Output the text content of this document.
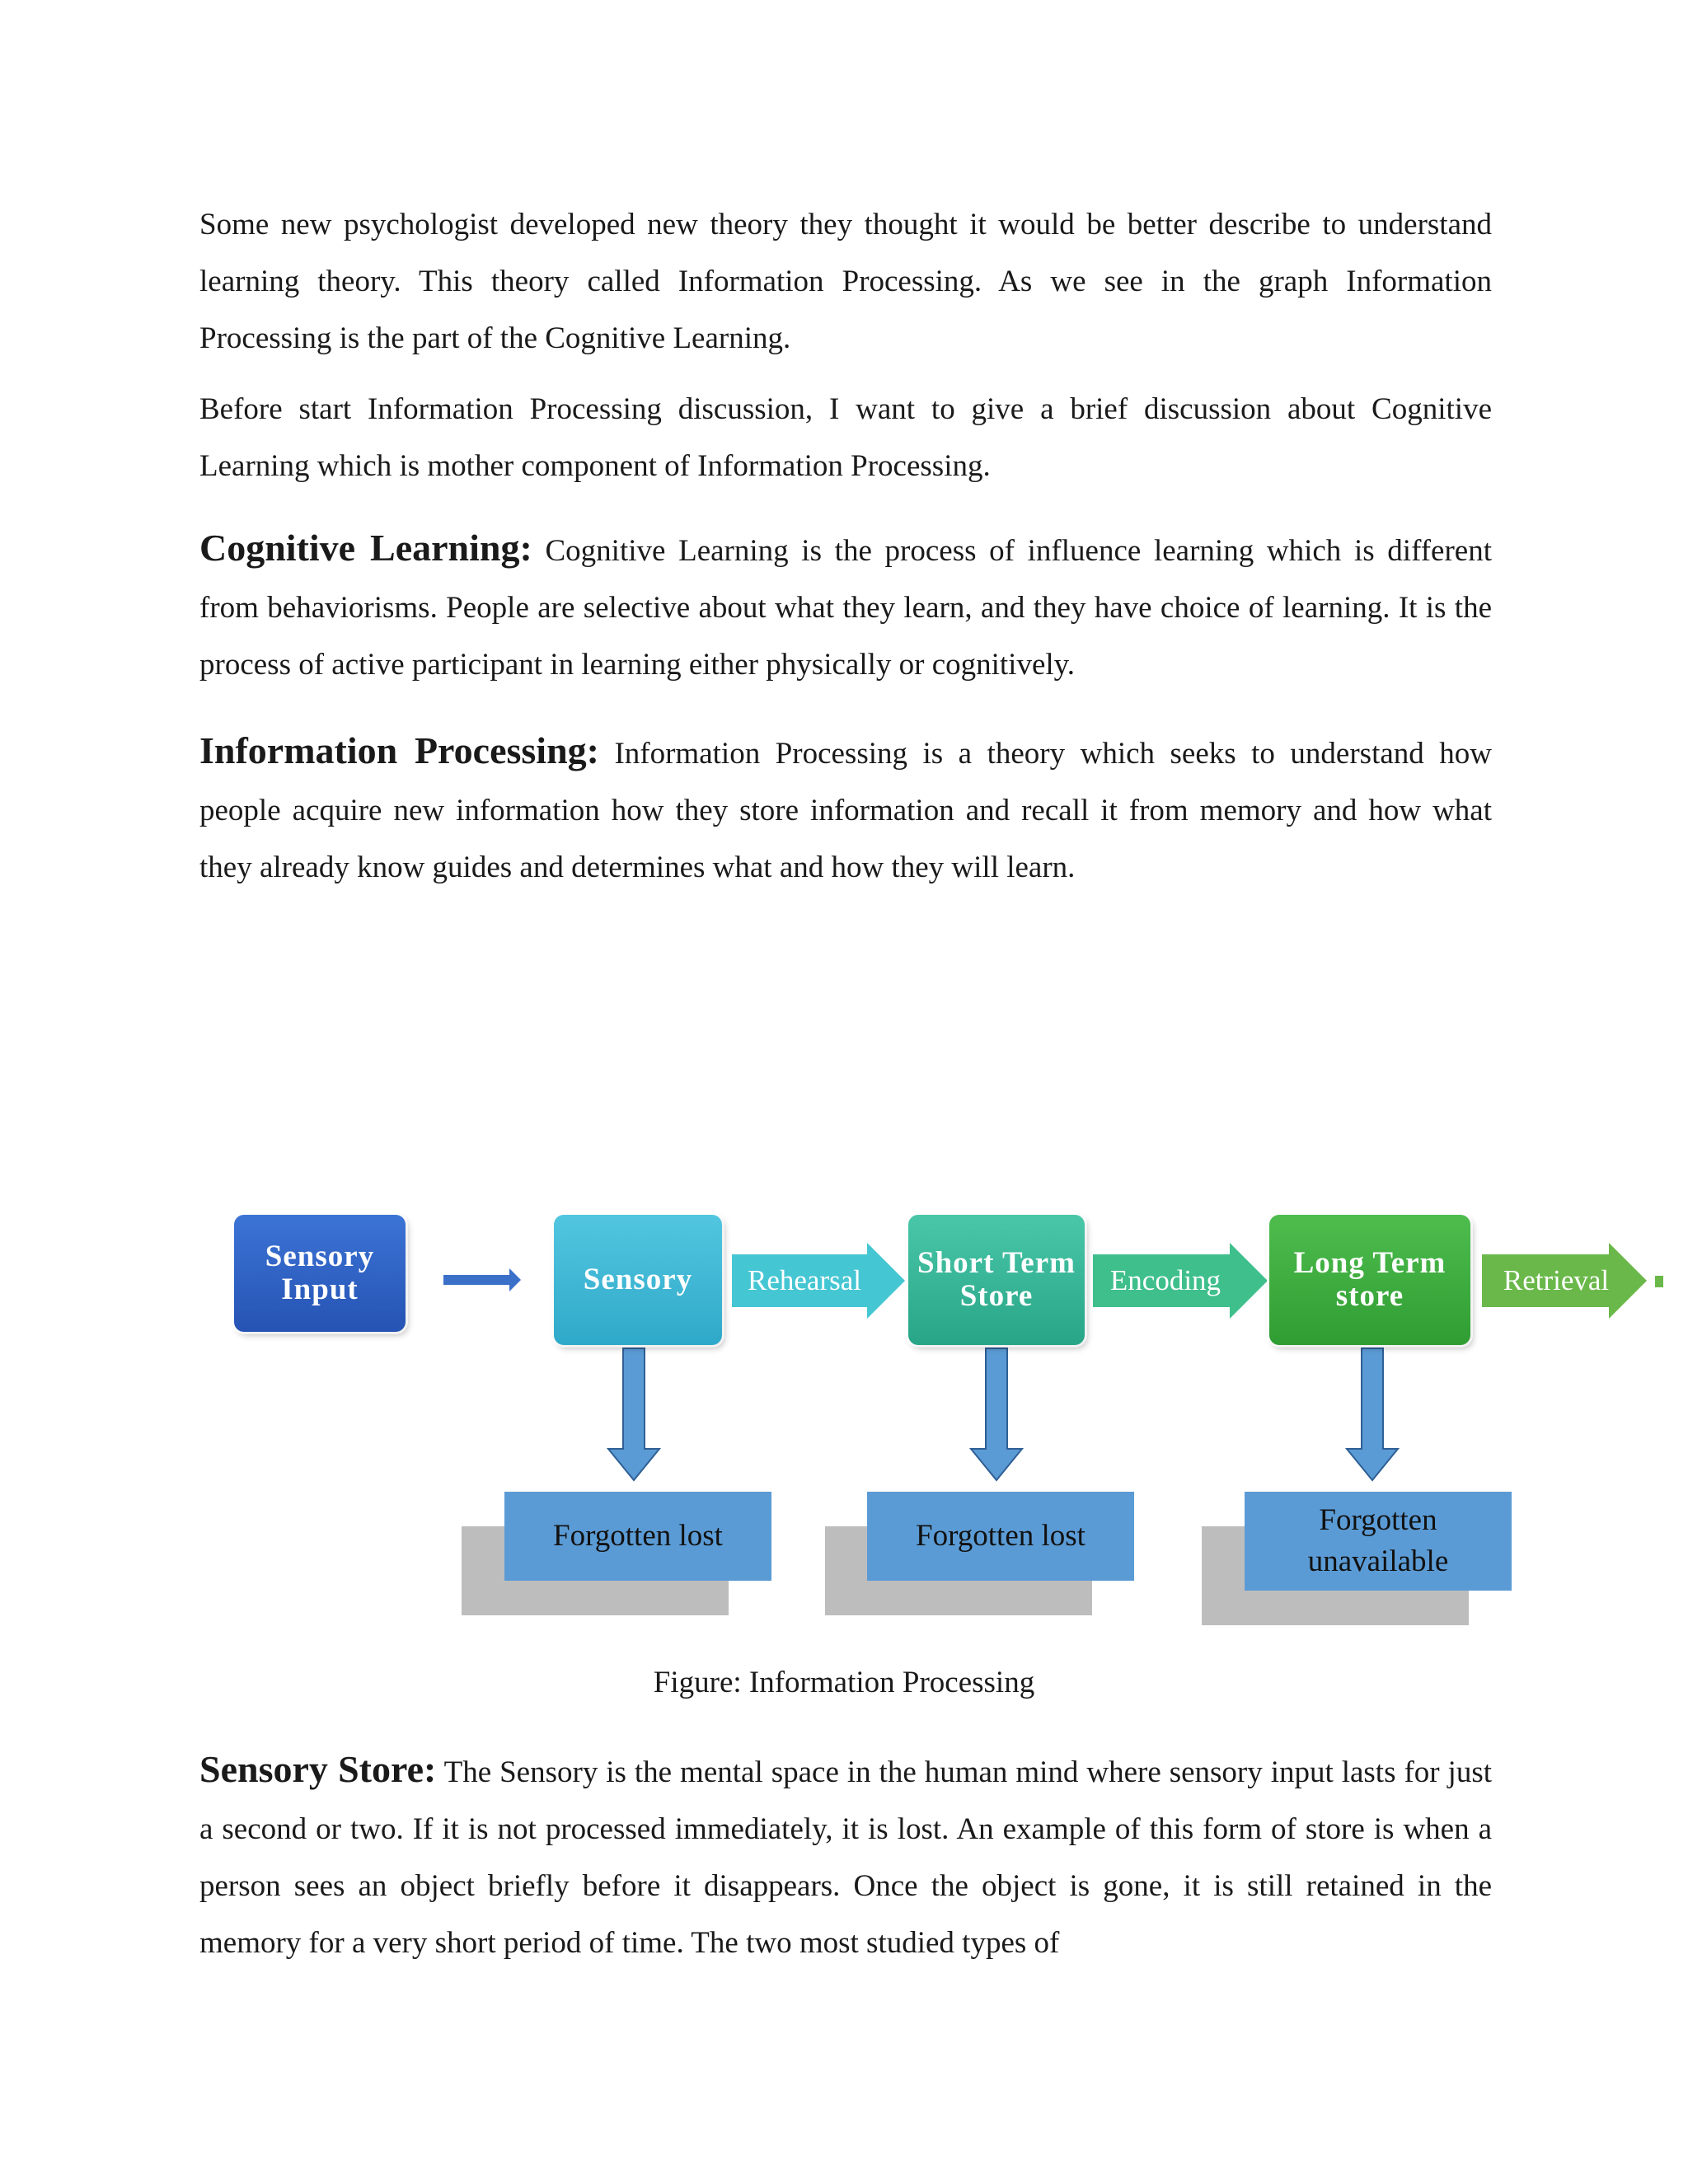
Some new psychologist developed new theory they thought it would be better describe to understand learning theory. This theory called Information Processing. As we see in the graph Information Processing is the part of the Cognitive Learning.

Before start Information Processing discussion, I want to give a brief discussion about Cognitive Learning which is mother component of Information Processing.

Cognitive Learning: Cognitive Learning is the process of influence learning which is different from behaviorisms. People are selective about what they learn, and they have choice of learning. It is the process of active participant in learning either physically or cognitively.

Information Processing: Information Processing is a theory which seeks to understand how people acquire new information how they store information and recall it from memory and how what they already know guides and determines what and how they will learn.

Sensory
Input	Sensory	Short Term
Store
Long Term
store
Rehearsal	Encoding	Retrieval
Forgotten lost	Forgotten lost	Forgotten
unavailable
Figure: Information Processing

Sensory Store: The Sensory is the mental space in the human mind where sensory input lasts for just a second or two. If it is not processed immediately, it is lost. An example of this form of store is when a person sees an object briefly before it disappears. Once the object is gone, it is still retained in the memory for a very short period of time. The two most studied types of
